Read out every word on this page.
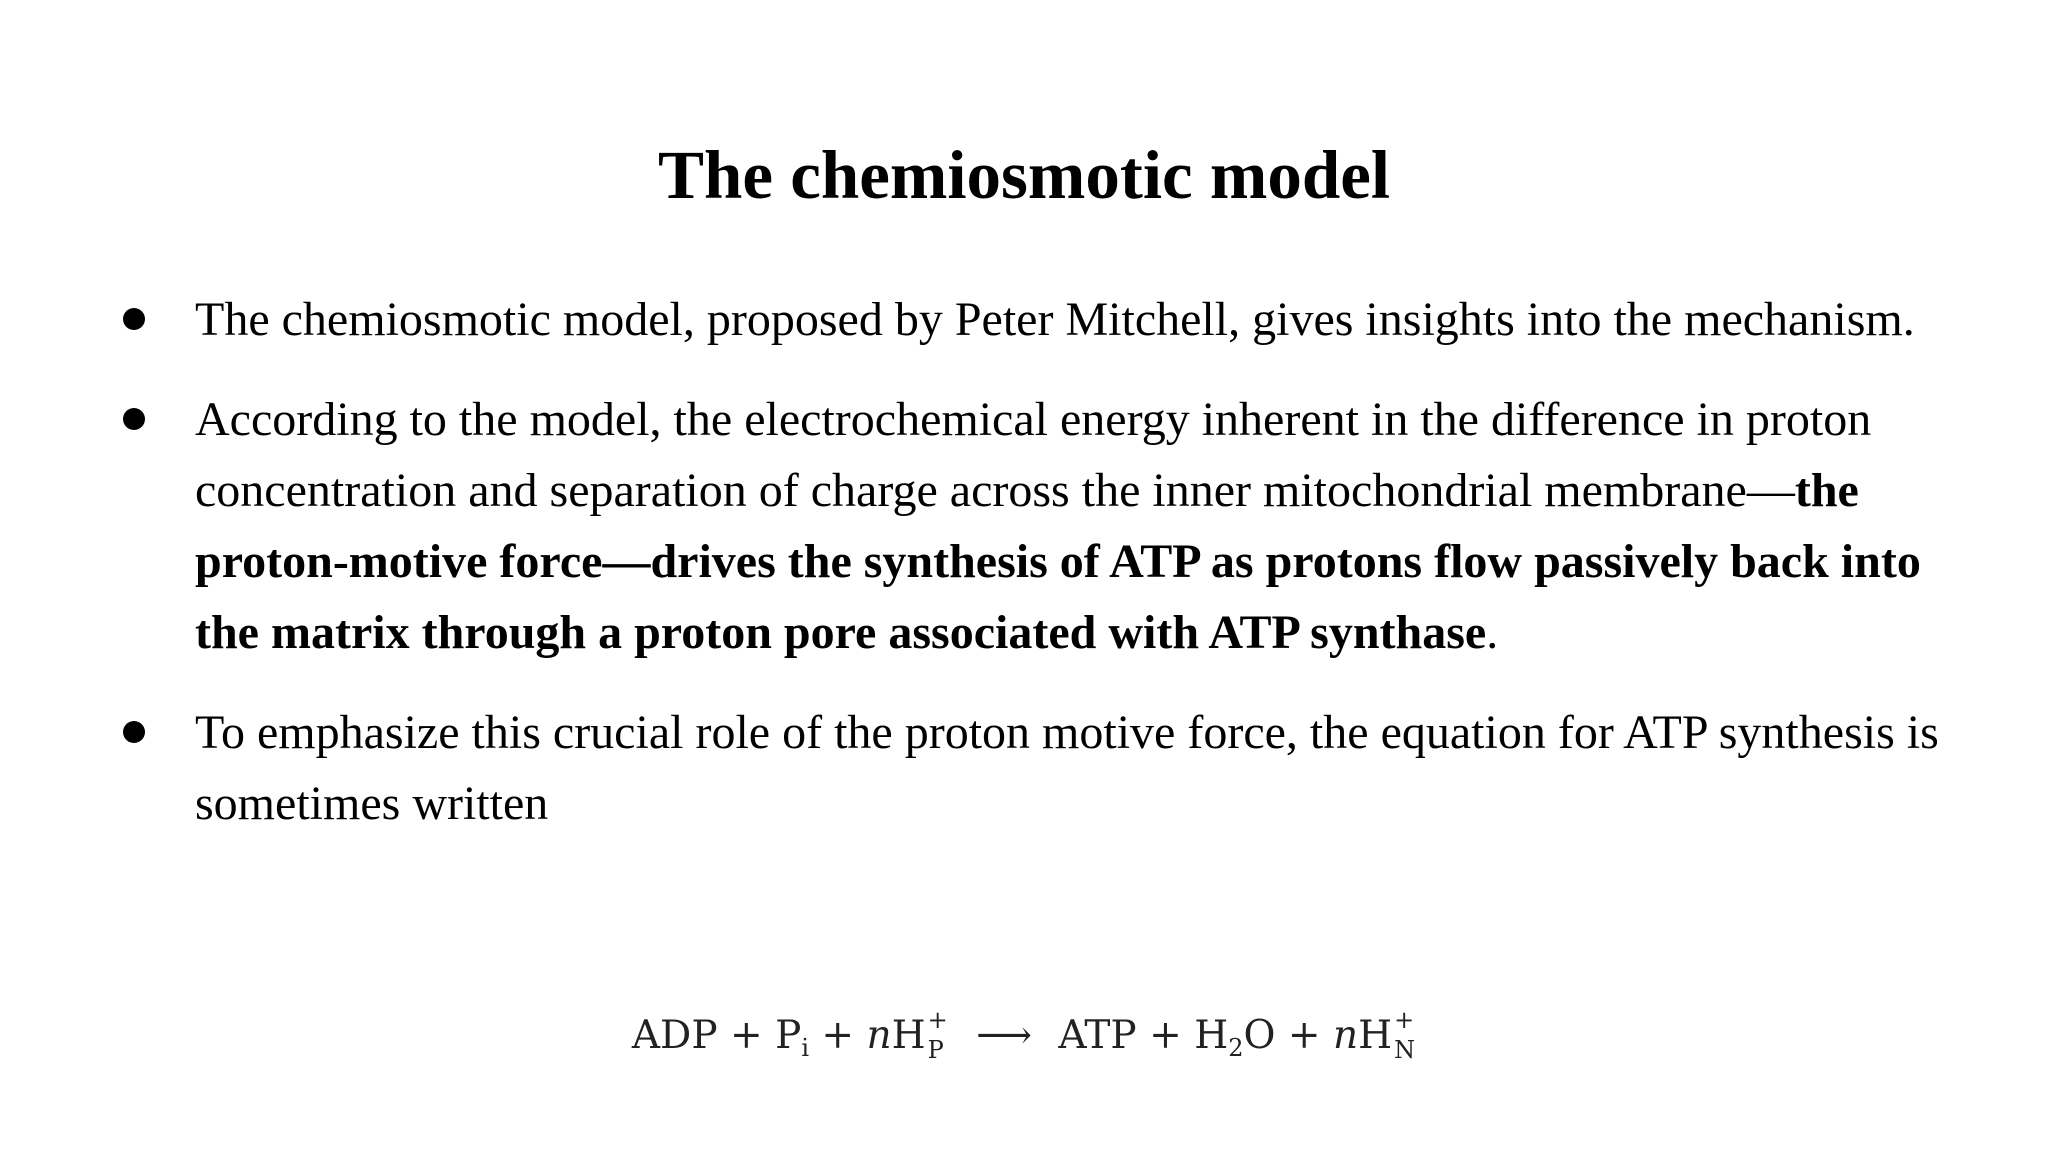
The chemiosmotic model
The chemiosmotic model, proposed by Peter Mitchell, gives insights into the mechanism.
According to the model, the electrochemical energy inherent in the difference in proton concentration and separation of charge across the inner mitochondrial membrane—the proton-motive force—drives the synthesis of ATP as protons flow passively back into the matrix through a proton pore associated with ATP synthase.
To emphasize this crucial role of the proton motive force, the equation for ATP synthesis is sometimes written
ADP + $P_i$ + nH +
P ⟶ ATP + $H_2O$ + nH +
N
